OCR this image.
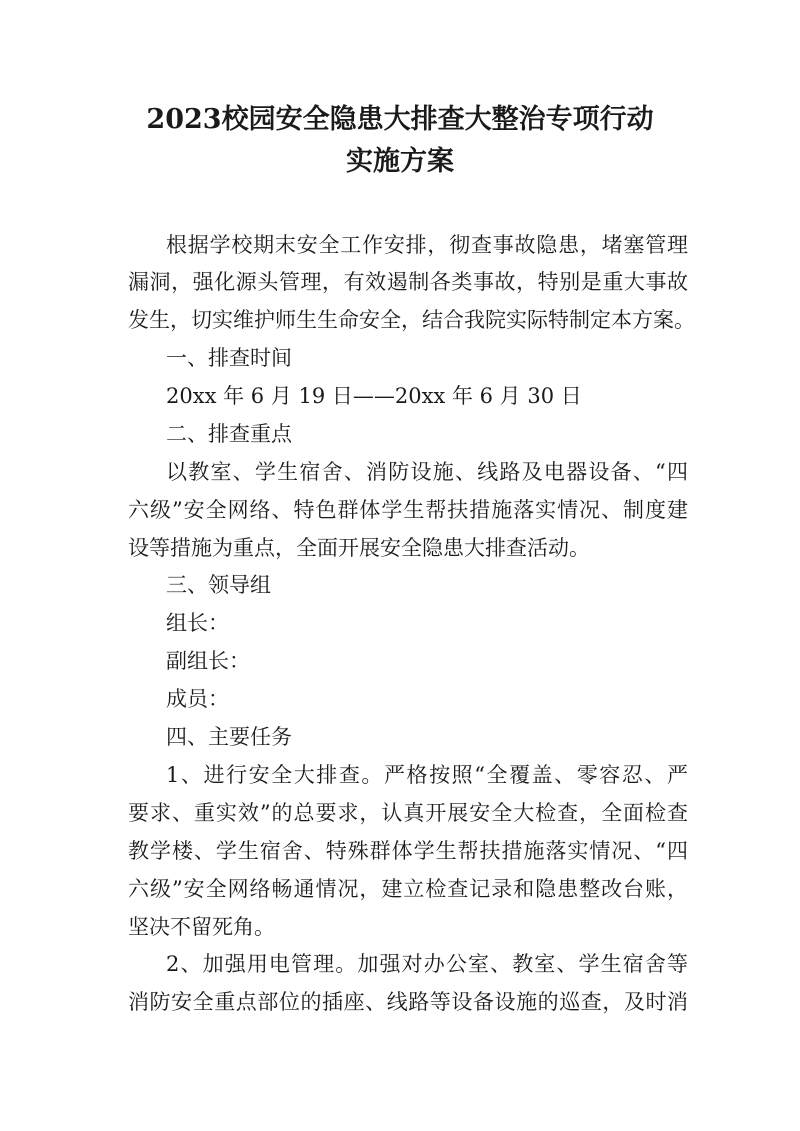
2023校园安全隐患大排查大整治专项行动
实施方案
根据学校期末安全工作安排，彻查事故隐患，堵塞管理
漏洞，强化源头管理，有效遏制各类事故，特别是重大事故
发生，切实维护师生生命安全，结合我院实际特制定本方案。
一、排查时间
20xx 年 6 月 19 日——20xx 年 6 月 30 日
二、排查重点
以教室、学生宿舍、消防设施、线路及电器设备、“四
六级”安全网络、特色群体学生帮扶措施落实情况、制度建
设等措施为重点，全面开展安全隐患大排查活动。
三、领导组
组长：
副组长：
成员：
四、主要任务
1、进行安全大排查。严格按照“全覆盖、零容忍、严
要求、重实效”的总要求，认真开展安全大检查，全面检查
教学楼、学生宿舍、特殊群体学生帮扶措施落实情况、“四
六级”安全网络畅通情况，建立检查记录和隐患整改台账，
坚决不留死角。
2、加强用电管理。加强对办公室、教室、学生宿舍等
消防安全重点部位的插座、线路等设备设施的巡查，及时消
